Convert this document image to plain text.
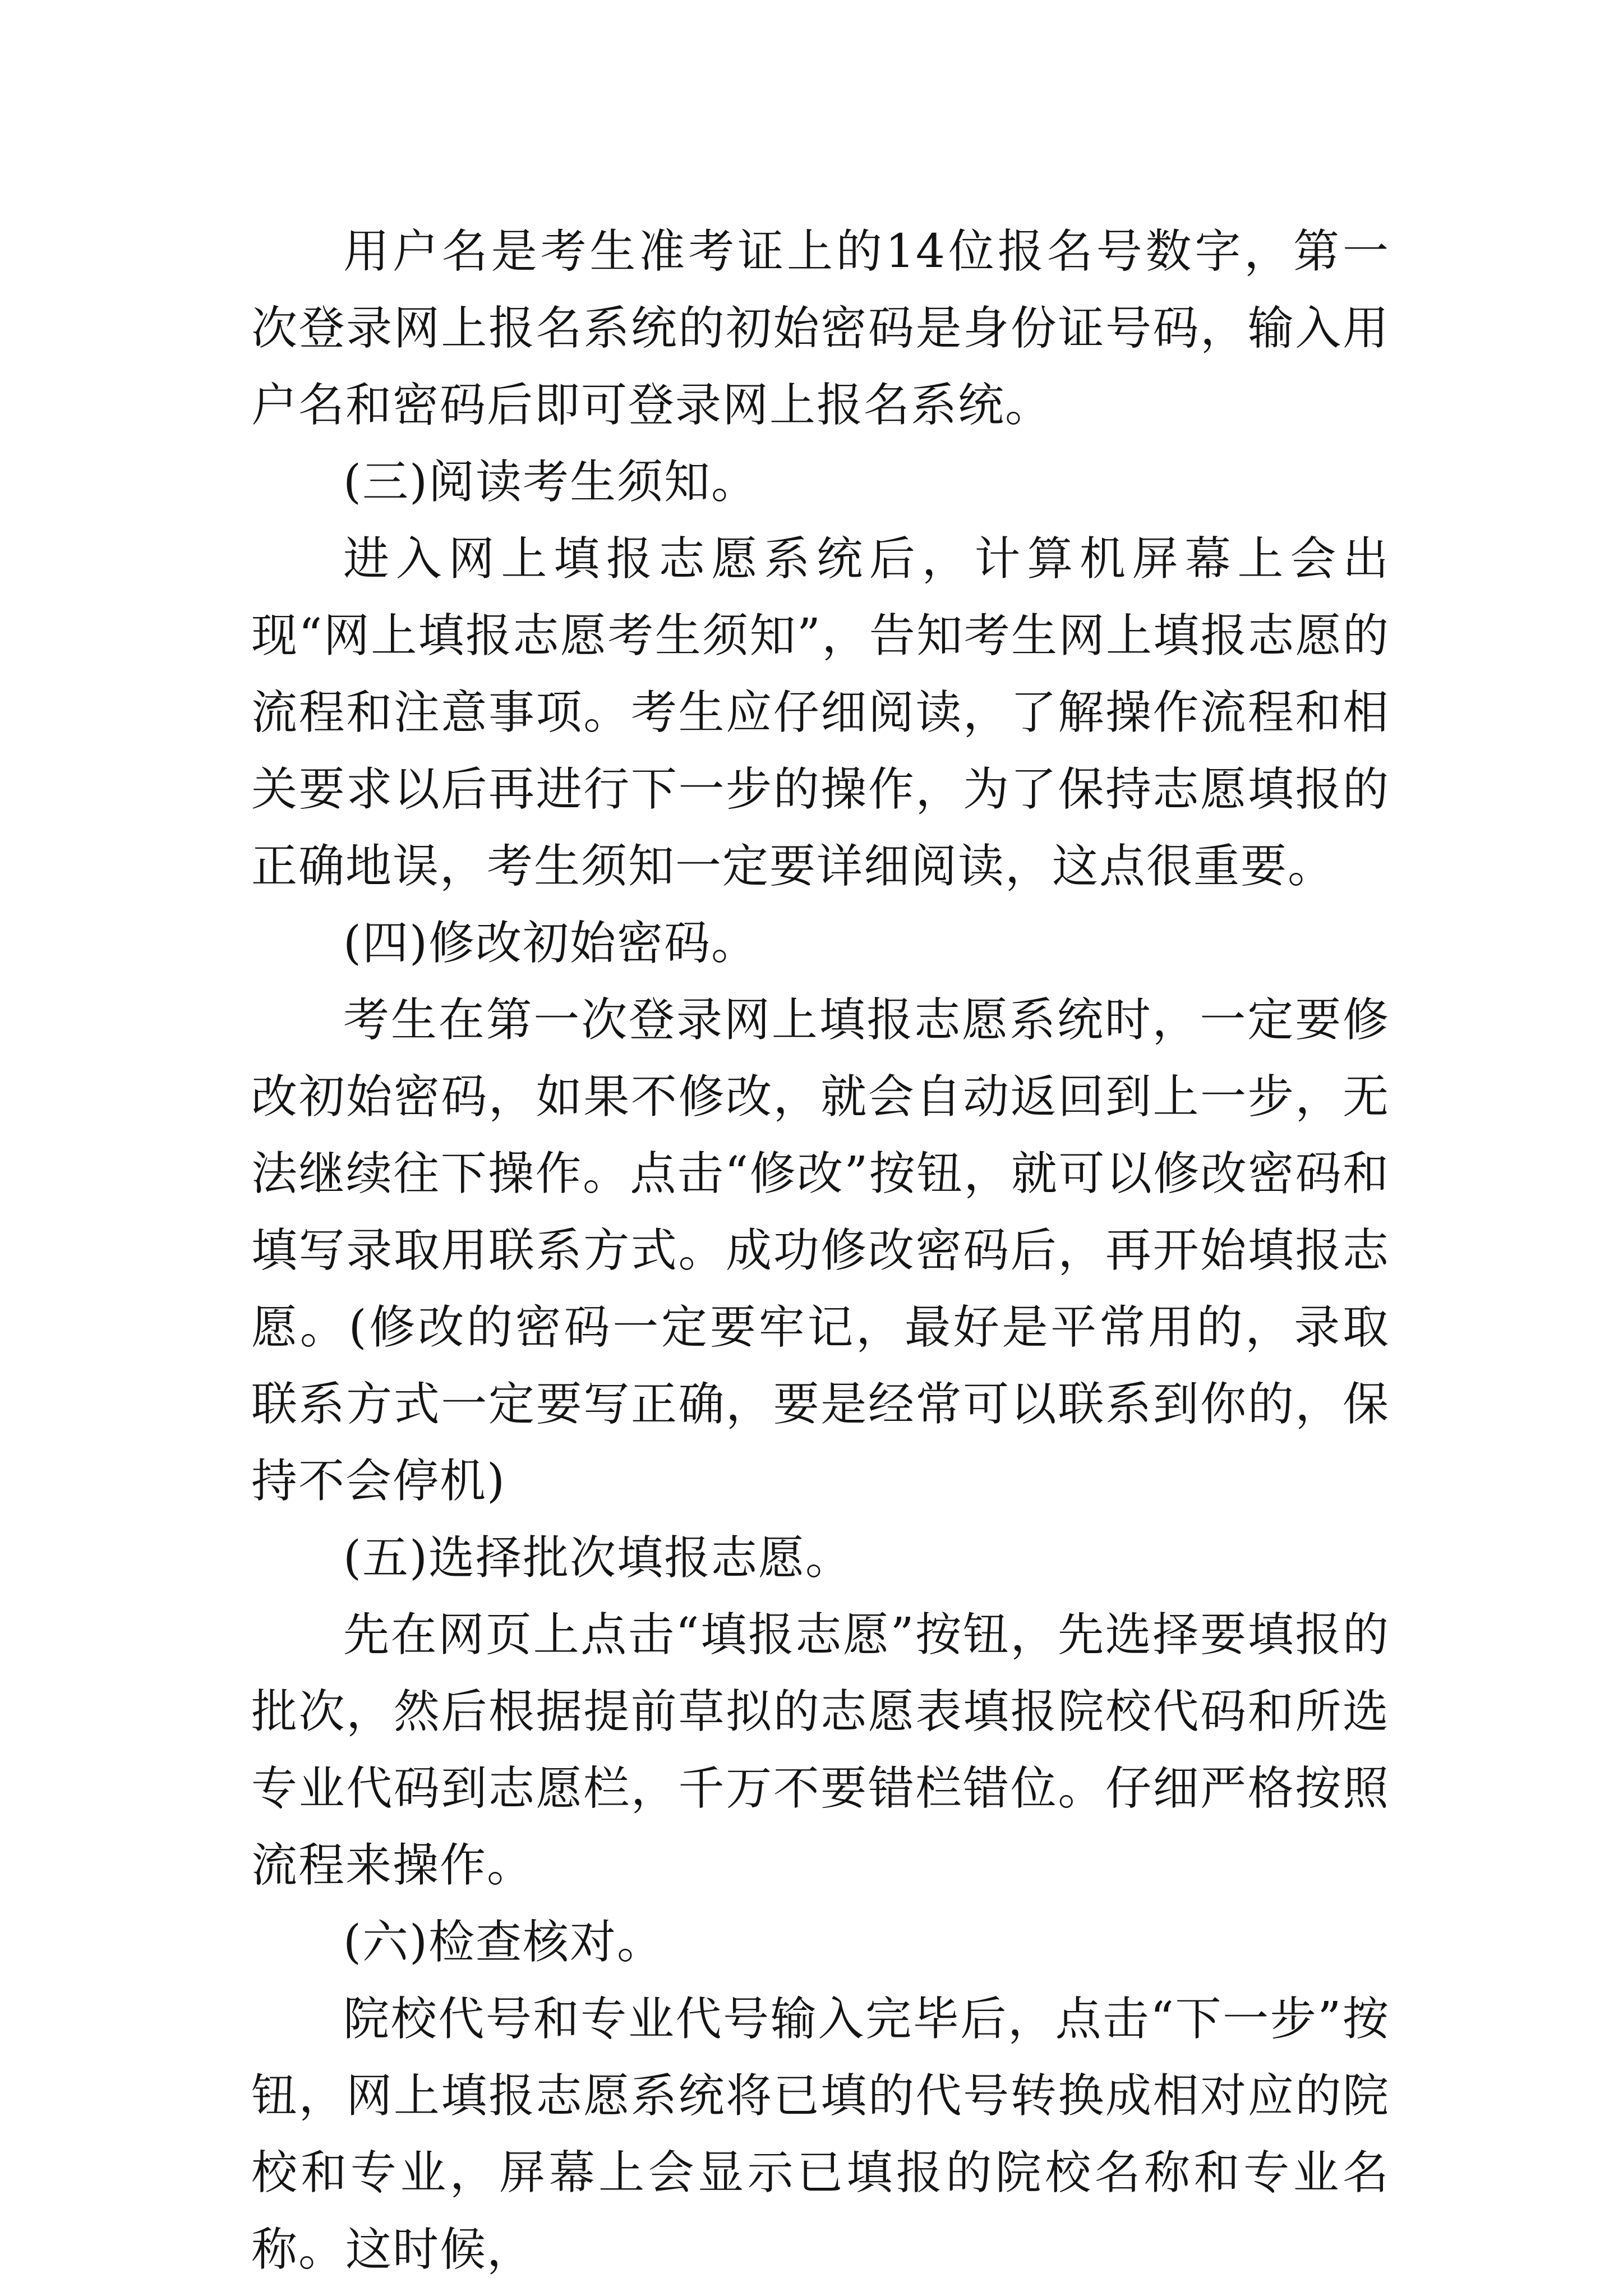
用户名是考生准考证上的14位报名号数字，第一次登录网上报名系统的初始密码是身份证号码，输入用户名和密码后即可登录网上报名系统。

(三)阅读考生须知。

进入网上填报志愿系统后，计算机屏幕上会出现“网上填报志愿考生须知”，告知考生网上填报志愿的流程和注意事项。考生应仔细阅读，了解操作流程和相关要求以后再进行下一步的操作，为了保持志愿填报的正确地误，考生须知一定要详细阅读，这点很重要。

(四)修改初始密码。

考生在第一次登录网上填报志愿系统时，一定要修改初始密码，如果不修改，就会自动返回到上一步，无法继续往下操作。点击“修改”按钮，就可以修改密码和填写录取用联系方式。成功修改密码后，再开始填报志愿。(修改的密码一定要牢记，最好是平常用的，录取联系方式一定要写正确，要是经常可以联系到你的，保持不会停机)

(五)选择批次填报志愿。

先在网页上点击“填报志愿”按钮，先选择要填报的批次，然后根据提前草拟的志愿表填报院校代码和所选专业代码到志愿栏，千万不要错栏错位。仔细严格按照流程来操作。

(六)检查核对。

院校代号和专业代号输入完毕后，点击“下一步”按钮，网上填报志愿系统将已填的代号转换成相对应的院校和专业，屏幕上会显示已填报的院校名称和专业名称。这时候，
